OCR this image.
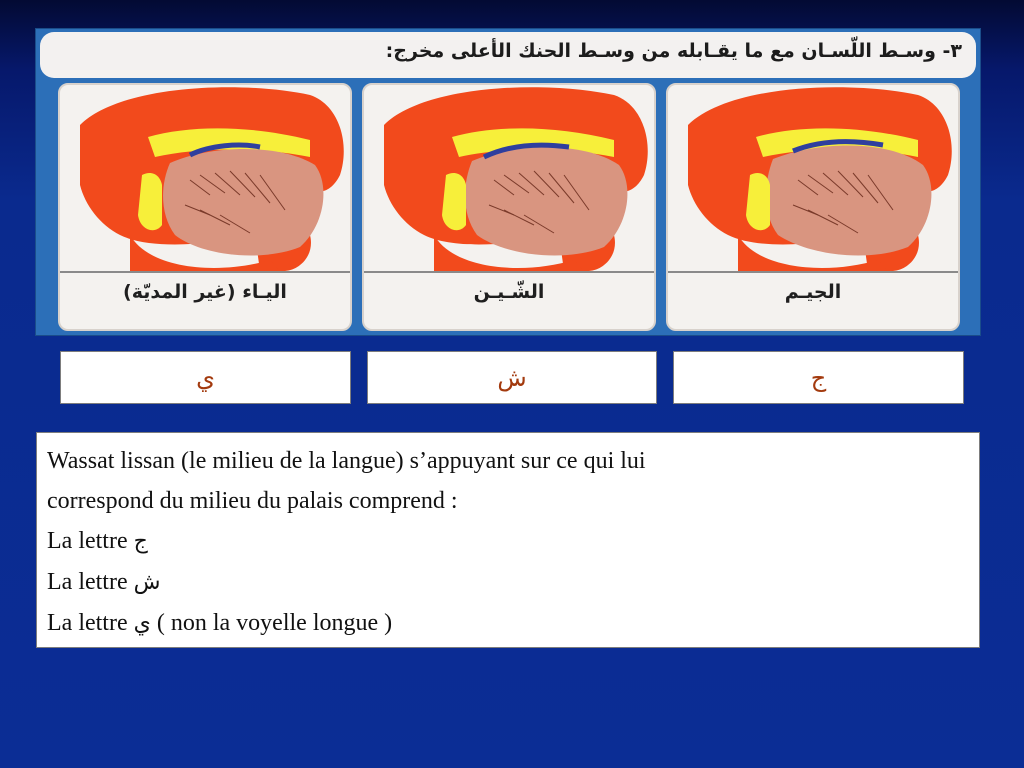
٣- وسـط اللّسـان مع ما يقـابله من وسـط الحنك الأعلى مخرج:
اليـاء (غير المديّة)	الشّـيـن	الجيـم
ي	ش	ج
Wassat lissan (le milieu de la langue) s’appuyant sur ce qui lui
correspond du milieu du palais comprend :
La lettre ج
La lettre ش
La lettre ي ( non la voyelle longue )
